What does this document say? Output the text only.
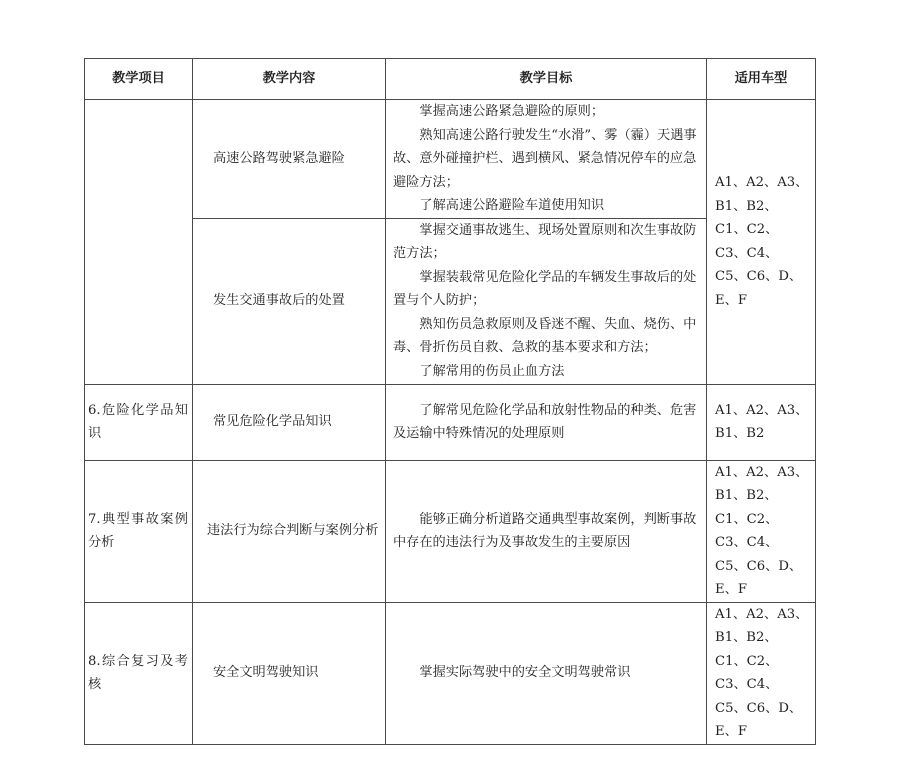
教学项目	教学内容	教学目标	适用车型

	高速公路驾驶紧急避险	掌握高速公路紧急避险的原则；
熟知高速公路行驶发生“水滑”、雾（霾）天遇事故、意外碰撞护栏、遇到横风、紧急情况停车的应急避险方法；
了解高速公路避险车道使用知识	A1、A2、A3、B1、B2、C1、C2、C3、C4、C5、C6、D、E、F
	发生交通事故后的处置	掌握交通事故逃生、现场处置原则和次生事故防范方法；
掌握装载常见危险化学品的车辆发生事故后的处置与个人防护；
熟知伤员急救原则及昏迷不醒、失血、烧伤、中毒、骨折伤员自救、急救的基本要求和方法；
了解常用的伤员止血方法	

6.危险化学品知识	常见危险化学品知识	了解常见危险化学品和放射性物品的种类、危害及运输中特殊情况的处理原则	A1、A2、A3、B1、B2

7.典型事故案例分析	违法行为综合判断与案例分析	能够正确分析道路交通典型事故案例，判断事故中存在的违法行为及事故发生的主要原因	A1、A2、A3、B1、B2、C1、C2、C3、C4、C5、C6、D、E、F

8.综合复习及考核	安全文明驾驶知识	掌握实际驾驶中的安全文明驾驶常识	A1、A2、A3、B1、B2、C1、C2、C3、C4、C5、C6、D、E、F
